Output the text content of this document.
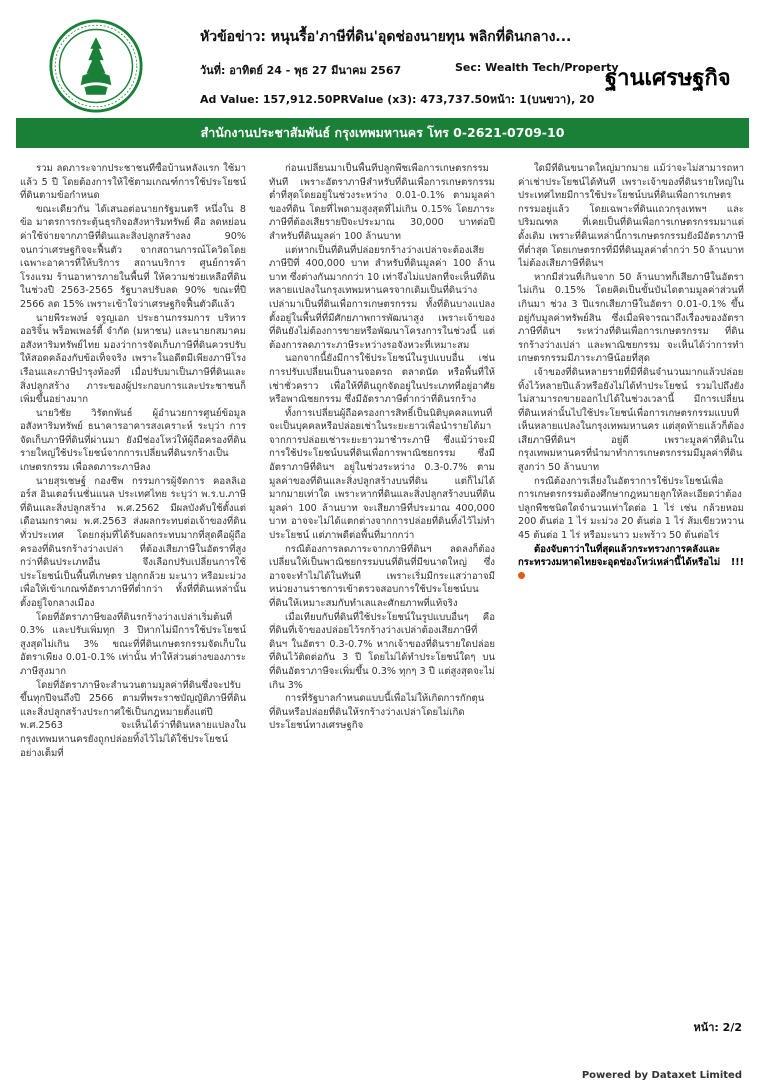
หัวข้อข่าว: หนุนรื้อ'ภาษีที่ดิน'อุดช่องนายทุน พลิกที่ดินกลาง...
วันที่: อาทิตย์ 24 - พุธ 27 มีนาคม 2567	Sec: Wealth Tech/Property
Ad Value: 157,912.50PRValue (x3): 473,737.50หน้า: 1(บนขวา), 20
ฐานเศรษฐกิจ
สำนักงานประชาสัมพันธ์ กรุงเทพมหานคร โทร 0-2621-0709-10

รวม ลดภาระจากประชาชนที่ซื้อบ้านหลังแรก ใช้มาแล้ว 5 ปี โดยต้องการให้ใช้ตามเกณฑ์การใช้ประโยชน์ที่ดินตามข้อกำหนด

ขณะเดียวกัน ได้เสนอต่อนายกรัฐมนตรี หนึ่งใน 8 ข้อ มาตรการกระตุ้นธุรกิจอสังหาริมทรัพย์ คือ ลดหย่อนค่าใช้จ่ายจากภาษีที่ดินและสิ่งปลูกสร้างลง 90% จนกว่าเศรษฐกิจจะฟื้นตัว จากสถานการณ์โควิดโดยเฉพาะอาคารที่ให้บริการ สถานบริการ ศูนย์การค้า โรงแรม ร้านอาหารภายในพื้นที่ ให้ความช่วยเหลือที่ดินในช่วงปี 2563-2565 รัฐบาลปรับลด 90% ขณะที่ปี 2566 ลด 15% เพราะเข้าใจว่าเศรษฐกิจฟื้นตัวดีแล้ว

นายพีระพงษ์ จรูญเอก ประธานกรรมการ บริหาร ออริจิ้น พร็อพเพอร์ตี้ จำกัด (มหาชน) และนายกสมาคมอสังหาริมทรัพย์ไทย มองว่าการจัดเก็บภาษีที่ดินควรปรับให้สอดคล้องกับข้อเท็จจริง เพราะในอดีตมีเพียงภาษีโรงเรือนและภาษีบำรุงท้องที่ เมื่อปรับมาเป็นภาษีที่ดินและสิ่งปลูกสร้าง ภาระของผู้ประกอบการและประชาชนก็เพิ่มขึ้นอย่างมาก

นายวิชัย วิรัตกพันธ์ ผู้อำนวยการศูนย์ข้อมูลอสังหาริมทรัพย์ ธนาคารอาคารสงเคราะห์ ระบุว่า การจัดเก็บภาษีที่ดินที่ผ่านมา ยังมีช่องโหว่ให้ผู้ถือครองที่ดินรายใหญ่ใช้ประโยชน์จากการเปลี่ยนที่ดินรกร้างเป็นเกษตรกรรม เพื่อลดภาระภาษีลง

นายสุรเชษฐ์ กองชีพ กรรมการผู้จัดการ คอลลิเออร์ส อินเตอร์เนชั่นแนล ประเทศไทย ระบุว่า พ.ร.บ.ภาษีที่ดินและสิ่งปลูกสร้าง พ.ศ.2562 มีผลบังคับใช้ตั้งแต่เดือนมกราคม พ.ศ.2563 ส่งผลกระทบต่อเจ้าของที่ดินทั่วประเทศ โดยกลุ่มที่ได้รับผลกระทบมากที่สุดคือผู้ถือครองที่ดินรกร้างว่างเปล่า ที่ต้องเสียภาษีในอัตราที่สูงกว่าที่ดินประเภทอื่น จึงเลือกปรับเปลี่ยนการใช้ประโยชน์เป็นพื้นที่เกษตร ปลูกกล้วย มะนาว หรือมะม่วง เพื่อให้เข้าเกณฑ์อัตราภาษีที่ต่ำกว่า ทั้งที่ที่ดินเหล่านั้นตั้งอยู่ใจกลางเมือง

โดยที่อัตราภาษีของที่ดินรกร้างว่างเปล่าเริ่มต้นที่ 0.3% และปรับเพิ่มทุก 3 ปีหากไม่มีการใช้ประโยชน์ สูงสุดไม่เกิน 3% ขณะที่ที่ดินเกษตรกรรมจัดเก็บในอัตราเพียง 0.01-0.1% เท่านั้น ทำให้ส่วนต่างของภาระภาษีสูงมาก

โดยที่อัตราภาษีจะสำนวนตามมูลค่าที่ดินซึ่งจะปรับขึ้นทุกปีจนถึงปี 2566 ตามที่พระราชบัญญัติภาษีที่ดินและสิ่งปลูกสร้างประกาศใช้เป็นกฎหมายตั้งแต่ปี พ.ศ.2563 จะเห็นได้ว่าที่ดินหลายแปลงในกรุงเทพมหานครยังถูกปล่อยทิ้งไว้ไม่ได้ใช้ประโยชน์อย่างเต็มที่

ก่อนเปลี่ยนมาเป็นพื้นที่ปลูกพืชเพื่อการเกษตรกรรมทันที เพราะอัตราภาษีสำหรับที่ดินเพื่อการเกษตรกรรมต่ำที่สุดโดยอยู่ในช่วงระหว่าง 0.01-0.1% ตามมูลค่าของที่ดิน โดยที่ไพดามสูงสุดที่ไม่เกิน 0.15% โดยภาระภาษีที่ต้องเสียรายปีจะประมาณ 30,000 บาทต่อปีสำหรับที่ดินมูลค่า 100 ล้านบาท

แต่หากเป็นที่ดินที่ปล่อยรกร้างว่างเปล่าจะต้องเสียภาษีปีที่ 400,000 บาท สำหรับที่ดินมูลค่า 100 ล้านบาท ซึ่งต่างกันมากกว่า 10 เท่าจึงไม่แปลกที่จะเห็นที่ดินหลายแปลงในกรุงเทพมหานครจากเดิมเป็นที่ดินว่างเปล่ามาเป็นที่ดินเพื่อการเกษตรกรรม ทั้งที่ดินบางแปลงตั้งอยู่ในพื้นที่ที่มีศักยภาพการพัฒนาสูง เพราะเจ้าของที่ดินยังไม่ต้องการขายหรือพัฒนาโครงการในช่วงนี้ แต่ต้องการลดภาระภาษีระหว่างรอจังหวะที่เหมาะสม

นอกจากนี้ยังมีการใช้ประโยชน์ในรูปแบบอื่น เช่น การปรับเปลี่ยนเป็นลานจอดรถ ตลาดนัด หรือพื้นที่ให้เช่าชั่วคราว เพื่อให้ที่ดินถูกจัดอยู่ในประเภทที่อยู่อาศัยหรือพาณิชยกรรม ซึ่งมีอัตราภาษีต่ำกว่าที่ดินรกร้าง

ทั้งการเปลี่ยนผู้ถือครองการสิทธิ์เป็นนิติบุคคลแทนที่จะเป็นบุคคลหรือปล่อยเช่าในระยะยาวเพื่อนำรายได้มาจากการปล่อยเช่าระยะยาวมาชำระภาษี ซึ่งแม้ว่าจะมีการใช้ประโยชน์บนที่ดินเพื่อการพาณิชยกรรม ซึ่งมีอัตราภาษีที่ดินฯ อยู่ในช่วงระหว่าง 0.3-0.7% ตามมูลค่าของที่ดินและสิ่งปลูกสร้างบนที่ดิน แต่ก็ไม่ได้มากมายเท่าใด เพราะหากที่ดินและสิ่งปลูกสร้างบนที่ดินมูลค่า 100 ล้านบาท จะเสียภาษีที่ประมาณ 400,000 บาท อาจจะไม่ได้แตกต่างจากการปล่อยที่ดินทิ้งไว้ไม่ทำประโยชน์ แต่ภาพดีต่อพื้นที่มากกว่า

กรณีต้องการลดภาระจากภาษีที่ดินฯ ลดลงก็ต้องเปลี่ยนให้เป็นพาณิชยกรรมบนที่ดินที่มีขนาดใหญ่ ซึ่งอาจจะทำไม่ได้ในทันที เพราะเริ่มมีกระแสว่าอาจมีหน่วยงานราชการเข้าตรวจสอบการใช้ประโยชน์บนที่ดินให้เหมาะสมกับทำเลและศักยภาพที่แท้จริง

เมื่อเทียบกับที่ดินที่ใช้ประโยชน์ในรูปแบบอื่นๆ คือที่ดินที่เจ้าของปล่อยไว้รกร้างว่างเปล่าต้องเสียภาษีที่ดินฯ ในอัตรา 0.3-0.7% หากเจ้าของที่ดินรายใดปล่อยที่ดินไว้ติดต่อกัน 3 ปี โดยไม่ได้ทำประโยชน์ใดๆ บนที่ดินอัตราภาษีจะเพิ่มขึ้น 0.3% ทุกๆ 3 ปี แต่สูงสุดจะไม่เกิน 3%

การที่รัฐบาลกำหนดแบบนี้เพื่อไม่ให้เกิดการกักตุนที่ดินหรือปล่อยที่ดินให้รกร้างว่างเปล่าโดยไม่เกิดประโยชน์ทางเศรษฐกิจ

ใดมีที่ดินขนาดใหญ่มากมาย แม้ว่าจะไม่สามารถหาค่าเช่าประโยชน์ได้ทันที เพราะเจ้าของที่ดินรายใหญ่ในประเทศไทยมีการใช้ประโยชน์บนที่ดินเพื่อการเกษตรกรรมอยู่แล้ว โดยเฉพาะที่ดินแถวกรุงเทพฯ และปริมณฑล ที่เคยเป็นที่ดินเพื่อการเกษตรกรรมมาแต่ดั้งเดิม เพราะที่ดินเหล่านี้การเกษตรกรรมยังมีอัตราภาษีที่ต่ำสุด โดยเกษตรกรที่มีที่ดินมูลค่าต่ำกว่า 50 ล้านบาทไม่ต้องเสียภาษีที่ดินฯ

หากมีส่วนที่เกินจาก 50 ล้านบาทก็เสียภาษีในอัตราไม่เกิน 0.15% โดยคิดเป็นขั้นบันไดตามมูลค่าส่วนที่เกินมา ช่วง 3 ปีแรกเสียภาษีในอัตรา 0.01-0.1% ขึ้นอยู่กับมูลค่าทรัพย์สิน ซึ่งเมื่อพิจารณาถึงเรื่องของอัตราภาษีที่ดินฯ ระหว่างที่ดินเพื่อการเกษตรกรรม ที่ดินรกร้างว่างเปล่า และพาณิชยกรรม จะเห็นได้ว่าการทำเกษตรกรรมมีภาระภาษีน้อยที่สุด

เจ้าของที่ดินหลายรายที่มีที่ดินจำนวนมากแล้วปล่อยทิ้งไว้หลายปีแล้วหรือยังไม่ได้ทำประโยชน์ รวมไปถึงยังไม่สามารถขายออกไปได้ในช่วงเวลานี้ มีการเปลี่ยนที่ดินเหล่านั้นไปใช้ประโยชน์เพื่อการเกษตรกรรมแบบที่เห็นหลายแปลงในกรุงเทพมหานคร แต่สุดท้ายแล้วก็ต้องเสียภาษีที่ดินฯ อยู่ดี เพราะมูลค่าที่ดินในกรุงเทพมหานครที่นำมาทำการเกษตรกรรมมีมูลค่าที่ดินสูงกว่า 50 ล้านบาท

กรณีต้องการเลี่ยงในอัตราการใช้ประโยชน์เพื่อการเกษตรกรรมต้องศึกษากฎหมายลูกให้ละเอียดว่าต้องปลูกพืชชนิดใดจำนวนเท่าใดต่อ 1 ไร่ เช่น กล้วยหอม 200 ต้นต่อ 1 ไร่ มะม่วง 20 ต้นต่อ 1 ไร่ ส้มเขียวหวาน 45 ต้นต่อ 1 ไร่ หรือมะนาว มะพร้าว 50 ต้นต่อไร่

ต้องจับตาว่าในที่สุดแล้วกระทรวงการคลังและกระทรวงมหาดไทยจะอุดช่องโหว่เหล่านี้ได้หรือไม่ !!!

หน้า: 2/2
Powered by Dataxet Limited
